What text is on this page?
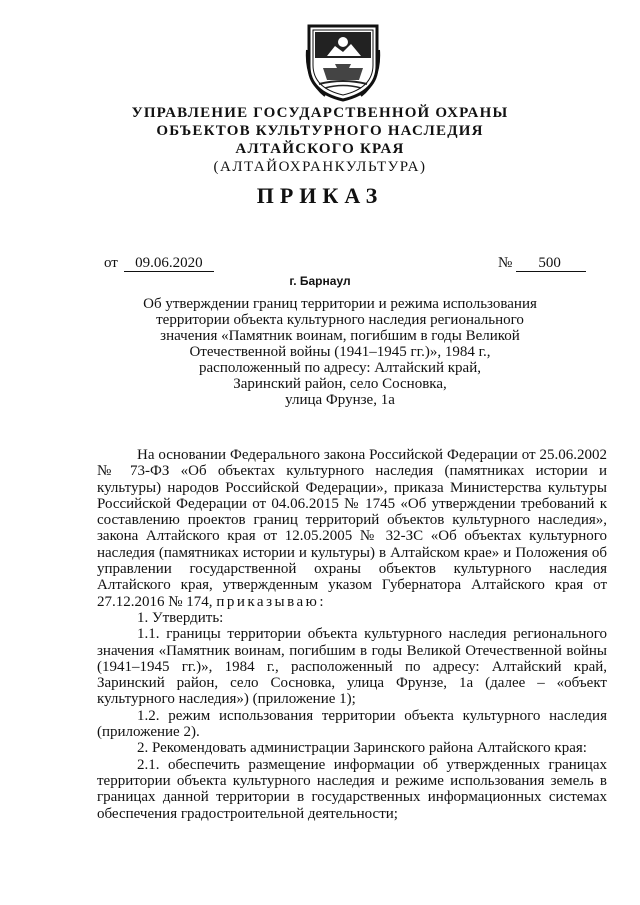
УПРАВЛЕНИЕ ГОСУДАРСТВЕННОЙ ОХРАНЫ
ОБЪЕКТОВ КУЛЬТУРНОГО НАСЛЕДИЯ
АЛТАЙСКОГО КРАЯ
(АЛТАЙОХРАНКУЛЬТУРА)
ПРИКАЗ
от 09.06.2020	№ 500
г. Барнаул
Об утверждении границ территории и режима использования
территории объекта культурного наследия регионального
значения «Памятник воинам, погибшим в годы Великой
Отечественной войны (1941–1945 гг.)», 1984 г.,
расположенный по адресу: Алтайский край,
Заринский район, село Сосновка,
улица Фрунзе, 1а

На основании Федерального закона Российской Федерации от 25.06.2002 № 73-ФЗ «Об объектах культурного наследия (памятниках истории и культуры) народов Российской Федерации», приказа Министерства культуры Российской Федерации от 04.06.2015 № 1745 «Об утверждении требований к составлению проектов границ территорий объектов культурного наследия», закона Алтайского края от 12.05.2005 № 32-ЗС «Об объектах культурного наследия (памятниках истории и культуры) в Алтайском крае» и Положения об управлении государственной охраны объектов культурного наследия Алтайского края, утвержденным указом Губернатора Алтайского края от 27.12.2016 № 174, приказываю:

1. Утвердить:

1.1. границы территории объекта культурного наследия регионального значения «Памятник воинам, погибшим в годы Великой Отечественной войны (1941–1945 гг.)», 1984 г., расположенный по адресу: Алтайский край, Заринский район, село Сосновка, улица Фрунзе, 1а (далее – «объект культурного наследия») (приложение 1);

1.2. режим использования территории объекта культурного наследия (приложение 2).

2. Рекомендовать администрации Заринского района Алтайского края:

2.1. обеспечить размещение информации об утвержденных границах территории объекта культурного наследия и режиме использования земель в границах данной территории в государственных информационных системах обеспечения градостроительной деятельности;
